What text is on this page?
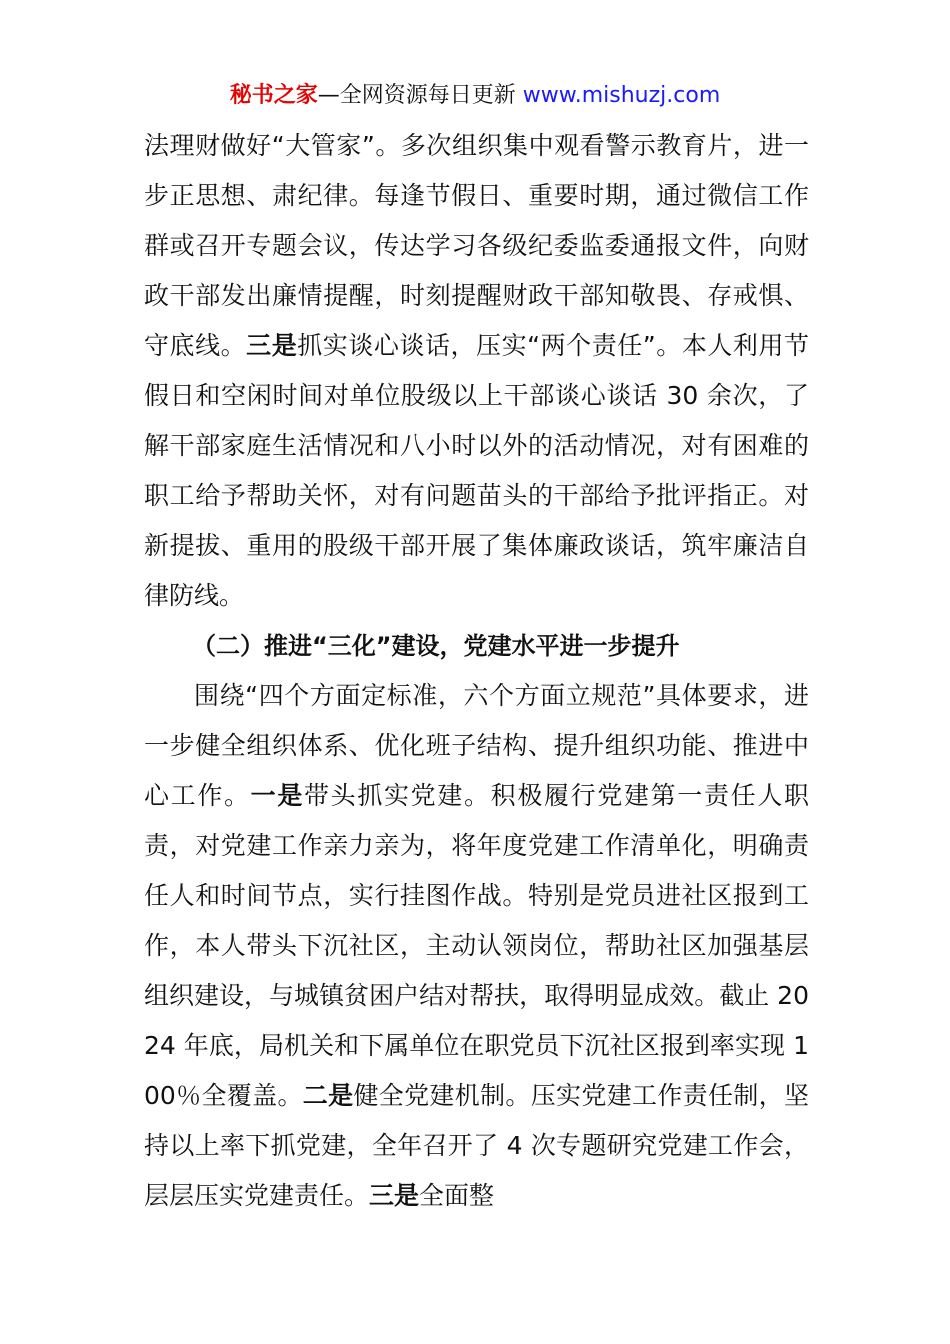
秘书之家—全网资源每日更新 www.mishuzj.com

法理财做好“大管家”。多次组织集中观看警示教育片，进一步正思想、肃纪律。每逢节假日、重要时期，通过微信工作群或召开专题会议，传达学习各级纪委监委通报文件，向财政干部发出廉情提醒，时刻提醒财政干部知敬畏、存戒惧、守底线。三是抓实谈心谈话，压实“两个责任”。本人利用节假日和空闲时间对单位股级以上干部谈心谈话 30 余次，了解干部家庭生活情况和八小时以外的活动情况，对有困难的职工给予帮助关怀，对有问题苗头的干部给予批评指正。对新提拔、重用的股级干部开展了集体廉政谈话，筑牢廉洁自律防线。

（二）推进“三化”建设，党建水平进一步提升

围绕“四个方面定标准，六个方面立规范”具体要求，进一步健全组织体系、优化班子结构、提升组织功能、推进中心工作。一是带头抓实党建。积极履行党建第一责任人职责，对党建工作亲力亲为，将年度党建工作清单化，明确责任人和时间节点，实行挂图作战。特别是党员进社区报到工作，本人带头下沉社区，主动认领岗位，帮助社区加强基层组织建设，与城镇贫困户结对帮扶，取得明显成效。截止 2024 年底，局机关和下属单位在职党员下沉社区报到率实现 100％全覆盖。二是健全党建机制。压实党建工作责任制，坚持以上率下抓党建，全年召开了 4 次专题研究党建工作会，层层压实党建责任。三是全面整
